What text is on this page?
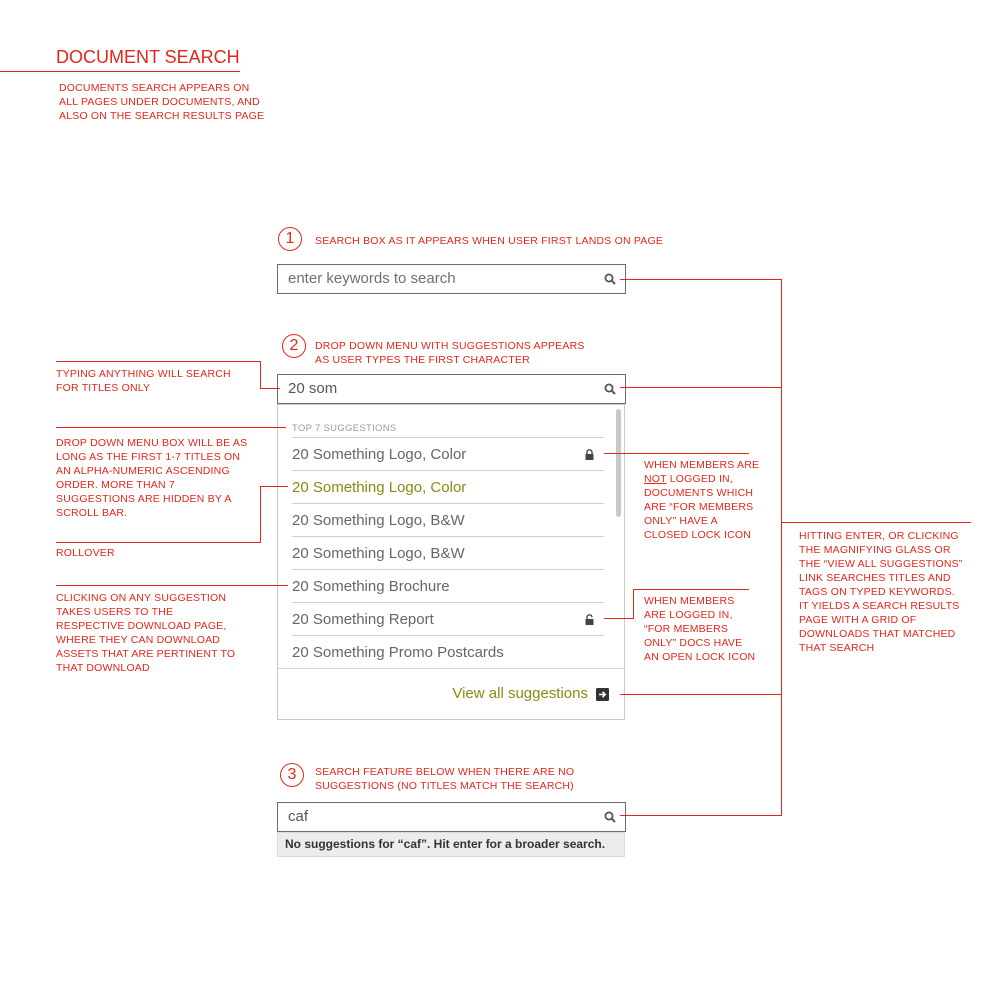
DOCUMENT SEARCH
DOCUMENTS SEARCH APPEARS ON
ALL PAGES UNDER DOCUMENTS, AND
ALSO ON THE SEARCH RESULTS PAGE
1	SEARCH BOX AS IT APPEARS WHEN USER FIRST LANDS ON PAGE
enter keywords to search
2	DROP DOWN MENU WITH SUGGESTIONS APPEARS
AS USER TYPES THE FIRST CHARACTER
20 som
TOP 7 SUGGESTIONS
20 Something Logo, Color
20 Something Logo, Color
20 Something Logo, B&W
20 Something Logo, B&W
20 Something Brochure
20 Something Report
20 Something Promo Postcards
View all suggestions
3	SEARCH FEATURE BELOW WHEN THERE ARE NO
SUGGESTIONS (NO TITLES MATCH THE SEARCH)
caf
No suggestions for “caf”. Hit enter for a broader search.
TYPING ANYTHING WILL SEARCH
FOR TITLES ONLY
DROP DOWN MENU BOX WILL BE AS
LONG AS THE FIRST 1-7 TITLES ON
AN ALPHA-NUMERIC ASCENDING
ORDER. MORE THAN 7
SUGGESTIONS ARE HIDDEN BY A
SCROLL BAR.
ROLLOVER
CLICKING ON ANY SUGGESTION
TAKES USERS TO THE
RESPECTIVE DOWNLOAD PAGE,
WHERE THEY CAN DOWNLOAD
ASSETS THAT ARE PERTINENT TO
THAT DOWNLOAD
WHEN MEMBERS ARE
NOT LOGGED IN,
DOCUMENTS WHICH
ARE “FOR MEMBERS
ONLY” HAVE A
CLOSED LOCK ICON
WHEN MEMBERS
ARE LOGGED IN,
“FOR MEMBERS
ONLY” DOCS HAVE
AN OPEN LOCK ICON
HITTING ENTER, OR CLICKING
THE MAGNIFYING GLASS OR
THE “VIEW ALL SUGGESTIONS”
LINK SEARCHES TITLES AND
TAGS ON TYPED KEYWORDS.
IT YIELDS A SEARCH RESULTS
PAGE WITH A GRID OF
DOWNLOADS THAT MATCHED
THAT SEARCH
